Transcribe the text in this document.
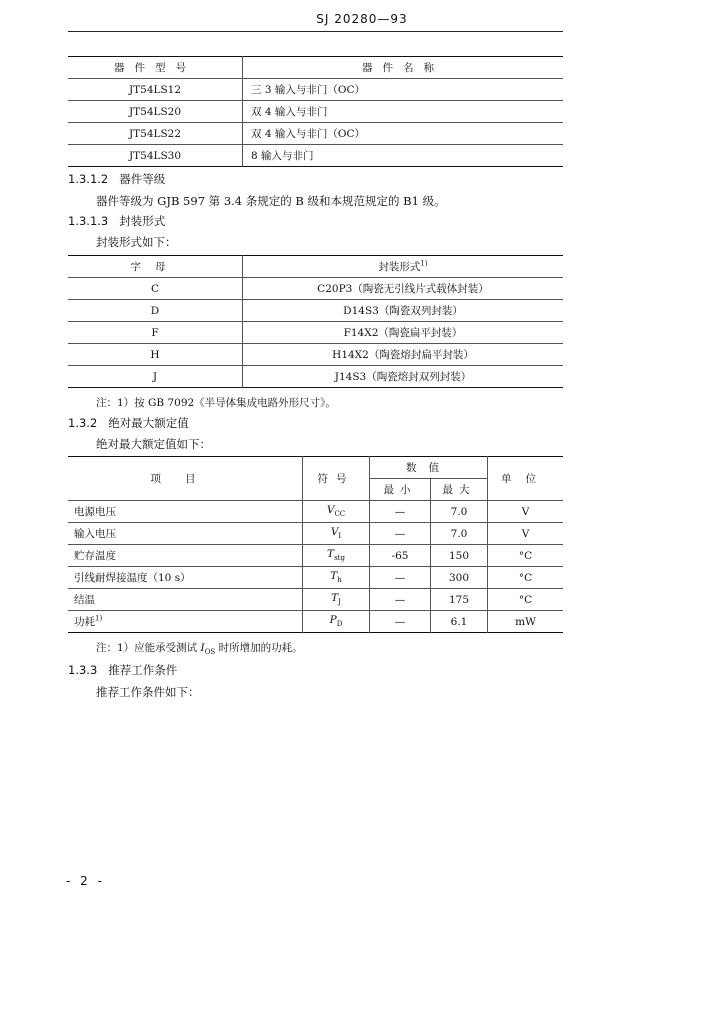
SJ 20280—93
器件型号	器件名称
JT54LS12	三 3 输入与非门（OC）
JT54LS20	双 4 输入与非门
JT54LS22	双 4 输入与非门（OC）
JT54LS30	8 输入与非门
1.3.1.2 器件等级
器件等级为 GJB 597 第 3.4 条规定的 B 级和本规范规定的 B1 级。
1.3.1.3 封装形式
封装形式如下：
字母	封装形式$^{1)}$
C	C20P3（陶瓷无引线片式载体封装）
D	D14S3（陶瓷双列封装）
F	F14X2（陶瓷扁平封装）
H	H14X2（陶瓷熔封扁平封装）
J	J14S3（陶瓷熔封双列封装）
注：1）按 GB 7092《半导体集成电路外形尺寸》。
1.3.2 绝对最大额定值
绝对最大额定值如下：
项目	符号	数值		单位
		最小	最大	
电源电压	$V_{CC}$	—	7.0	V
输入电压	$V_I$	—	7.0	V
贮存温度	$T_{stg}$	-65	150	°C
引线耐焊接温度（10 s）	$T_h$	—	300	°C
结温	$T_J$	—	175	°C
功耗$^{1)}$	$P_D$	—	6.1	mW
注：1）应能承受测试 $I_{OS}$ 时所增加的功耗。
1.3.3 推荐工作条件
推荐工作条件如下：
- 2 -
